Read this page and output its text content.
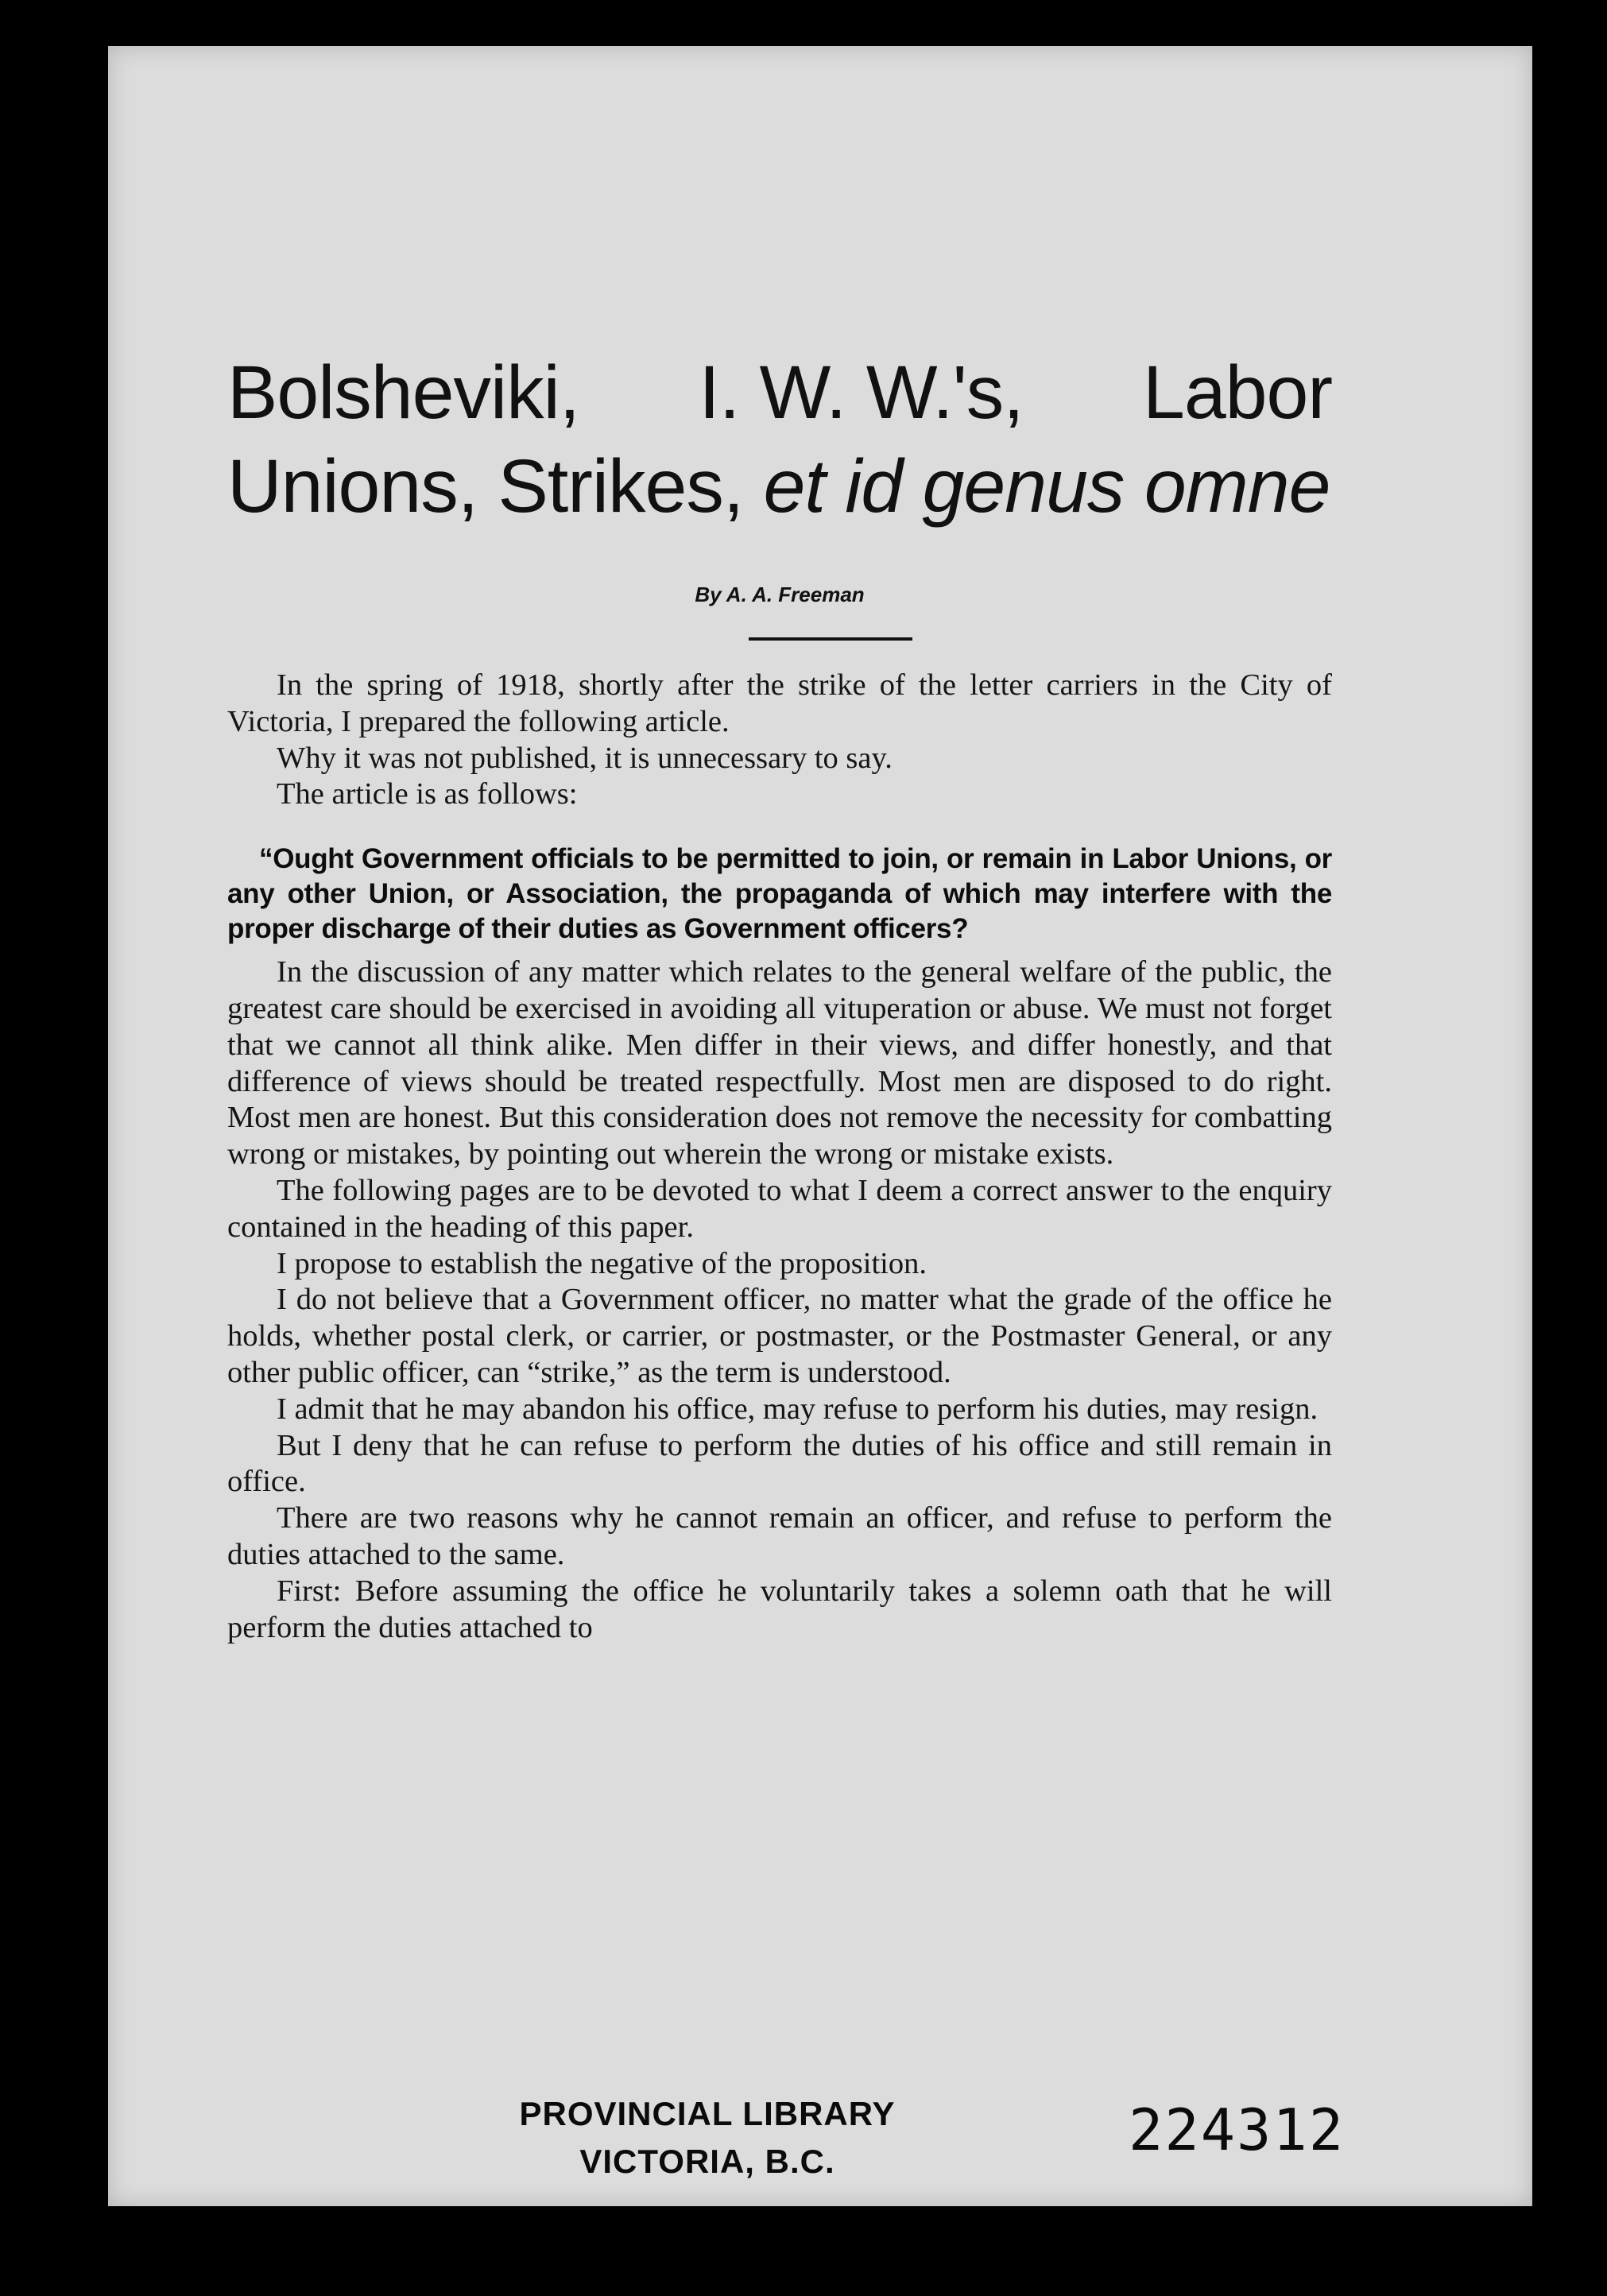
Bolsheviki, I. W. W.'s, Labor
Unions, Strikes, et id genus omne
By A. A. Freeman

In the spring of 1918, shortly after the strike of the letter carriers in the City of Victoria, I prepared the following article.

Why it was not published, it is unnecessary to say.

The article is as follows:

“Ought Government officials to be permitted to join, or remain in Labor Unions, or any other Union, or Association, the propaganda of which may interfere with the proper discharge of their duties as Government officers?

In the discussion of any matter which relates to the general welfare of the public, the greatest care should be exercised in avoiding all vituperation or abuse. We must not forget that we cannot all think alike. Men differ in their views, and differ honestly, and that difference of views should be treated respectfully. Most men are disposed to do right. Most men are honest. But this consideration does not remove the necessity for combatting wrong or mistakes, by pointing out wherein the wrong or mistake exists.

The following pages are to be devoted to what I deem a correct answer to the enquiry contained in the heading of this paper.

I propose to establish the negative of the proposition.

I do not believe that a Government officer, no matter what the grade of the office he holds, whether postal clerk, or carrier, or postmaster, or the Postmaster General, or any other public officer, can “strike,” as the term is understood.

I admit that he may abandon his office, may refuse to perform his duties, may resign.

But I deny that he can refuse to perform the duties of his office and still remain in office.

There are two reasons why he cannot remain an officer, and refuse to perform the duties attached to the same.

First: Before assuming the office he voluntarily takes a solemn oath that he will perform the duties attached to

PROVINCIAL LIBRARY
VICTORIA, B.C.	224312
